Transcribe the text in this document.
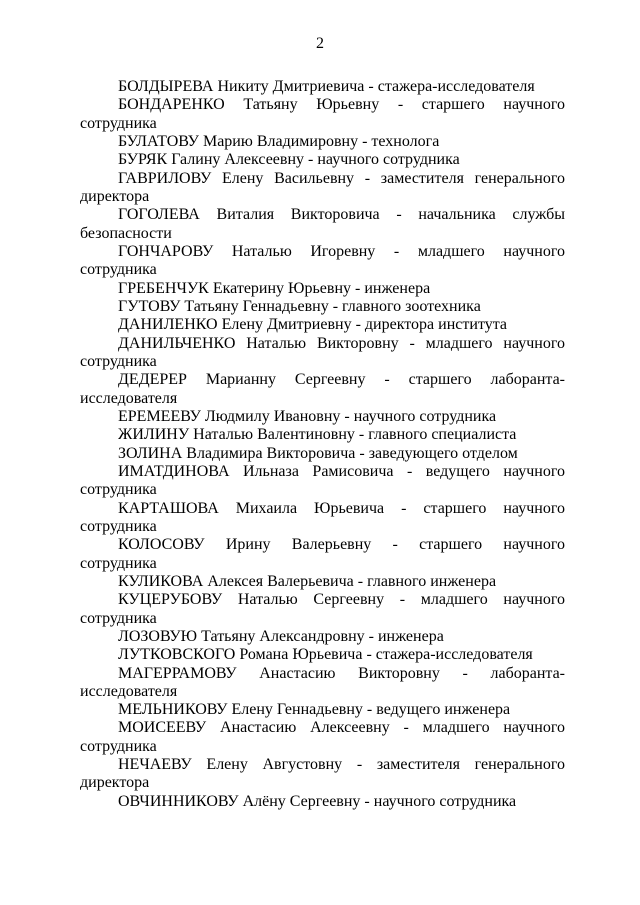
2
БОЛДЫРЕВА Никиту Дмитриевича - стажера-исследователя
БОНДАРЕНКО Татьяну Юрьевну - старшего научного
сотрудника
БУЛАТОВУ Марию Владимировну - технолога
БУРЯК Галину Алексеевну - научного сотрудника
ГАВРИЛОВУ Елену Васильевну - заместителя генерального
директора
ГОГОЛЕВА Виталия Викторовича - начальника службы
безопасности
ГОНЧАРОВУ Наталью Игоревну - младшего научного
сотрудника
ГРЕБЕНЧУК Екатерину Юрьевну - инженера
ГУТОВУ Татьяну Геннадьевну - главного зоотехника
ДАНИЛЕНКО Елену Дмитриевну - директора института
ДАНИЛЬЧЕНКО Наталью Викторовну - младшего научного
сотрудника
ДЕДЕРЕР Марианну Сергеевну - старшего лаборанта-
исследователя
ЕРЕМЕЕВУ Людмилу Ивановну - научного сотрудника
ЖИЛИНУ Наталью Валентиновну - главного специалиста
ЗОЛИНА Владимира Викторовича - заведующего отделом
ИМАТДИНОВА Ильназа Рамисовича - ведущего научного
сотрудника
КАРТАШОВА Михаила Юрьевича - старшего научного
сотрудника
КОЛОСОВУ Ирину Валерьевну - старшего научного
сотрудника
КУЛИКОВА Алексея Валерьевича - главного инженера
КУЦЕРУБОВУ Наталью Сергеевну - младшего научного
сотрудника
ЛОЗОВУЮ Татьяну Александровну - инженера
ЛУТКОВСКОГО Романа Юрьевича - стажера-исследователя
МАГЕРРАМОВУ Анастасию Викторовну - лаборанта-
исследователя
МЕЛЬНИКОВУ Елену Геннадьевну - ведущего инженера
МОИСЕЕВУ Анастасию Алексеевну - младшего научного
сотрудника
НЕЧАЕВУ Елену Августовну - заместителя генерального
директора
ОВЧИННИКОВУ Алёну Сергеевну - научного сотрудника
